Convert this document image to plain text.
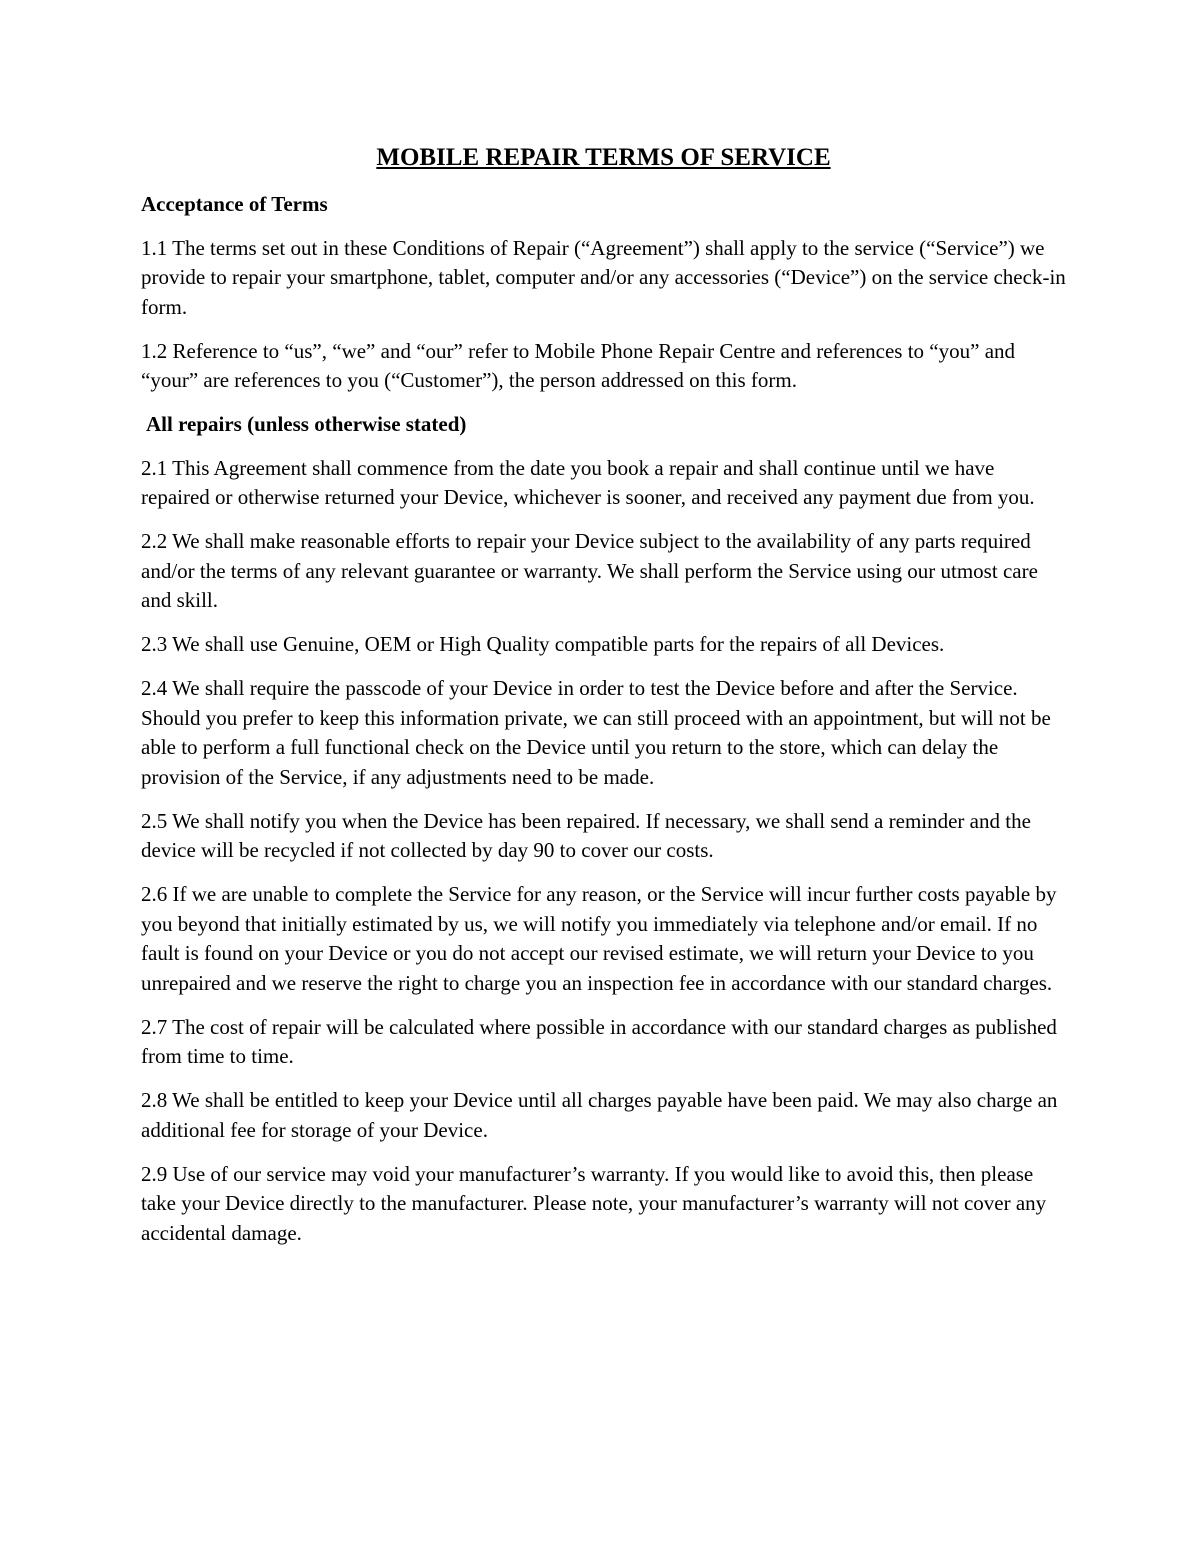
MOBILE REPAIR TERMS OF SERVICE
Acceptance of Terms

1.1 The terms set out in these Conditions of Repair (“Agreement”) shall apply to the service (“Service”) we provide to repair your smartphone, tablet, computer and/or any accessories (“Device”) on the service check-in form.

1.2 Reference to “us”, “we” and “our” refer to Mobile Phone Repair Centre and references to “you” and “your” are references to you (“Customer”), the person addressed on this form.

All repairs (unless otherwise stated)

2.1 This Agreement shall commence from the date you book a repair and shall continue until we have repaired or otherwise returned your Device, whichever is sooner, and received any payment due from you.

2.2 We shall make reasonable efforts to repair your Device subject to the availability of any parts required and/or the terms of any relevant guarantee or warranty. We shall perform the Service using our utmost care and skill.

2.3 We shall use Genuine, OEM or High Quality compatible parts for the repairs of all Devices.

2.4 We shall require the passcode of your Device in order to test the Device before and after the Service. Should you prefer to keep this information private, we can still proceed with an appointment, but will not be able to perform a full functional check on the Device until you return to the store, which can delay the provision of the Service, if any adjustments need to be made.

2.5 We shall notify you when the Device has been repaired. If necessary, we shall send a reminder and the device will be recycled if not collected by day 90 to cover our costs.

2.6 If we are unable to complete the Service for any reason, or the Service will incur further costs payable by you beyond that initially estimated by us, we will notify you immediately via telephone and/or email. If no fault is found on your Device or you do not accept our revised estimate, we will return your Device to you unrepaired and we reserve the right to charge you an inspection fee in accordance with our standard charges.

2.7 The cost of repair will be calculated where possible in accordance with our standard charges as published from time to time.

2.8 We shall be entitled to keep your Device until all charges payable have been paid. We may also charge an additional fee for storage of your Device.

2.9 Use of our service may void your manufacturer’s warranty. If you would like to avoid this, then please take your Device directly to the manufacturer. Please note, your manufacturer’s warranty will not cover any accidental damage.
